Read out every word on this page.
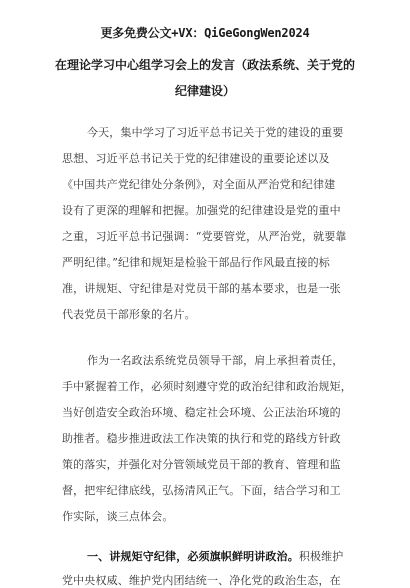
更多免费公文+VX：QiGeGongWen2024
在理论学习中心组学习会上的发言（政法系统、关于党的
纪律建设）
今天，集中学习了习近平总书记关于党的建设的重要
思想、习近平总书记关于党的纪律建设的重要论述以及
《中国共产党纪律处分条例》，对全面从严治党和纪律建
设有了更深的理解和把握。加强党的纪律建设是党的重中
之重，习近平总书记强调：“党要管党，从严治党，就要靠
严明纪律。”纪律和规矩是检验干部品行作风最直接的标
准，讲规矩、守纪律是对党员干部的基本要求，也是一张
代表党员干部形象的名片。
作为一名政法系统党员领导干部，肩上承担着责任，
手中紧握着工作，必须时刻遵守党的政治纪律和政治规矩，
当好创造安全政治环境、稳定社会环境、公正法治环境的
助推者。稳步推进政法工作决策的执行和党的路线方针政
策的落实，并强化对分管领域党员干部的教育、管理和监
督，把牢纪律底线，弘扬清风正气。下面，结合学习和工
作实际，谈三点体会。
一、讲规矩守纪律，必须旗帜鲜明讲政治。积极维护
党中央权威、维护党内团结统一、净化党的政治生态，在
